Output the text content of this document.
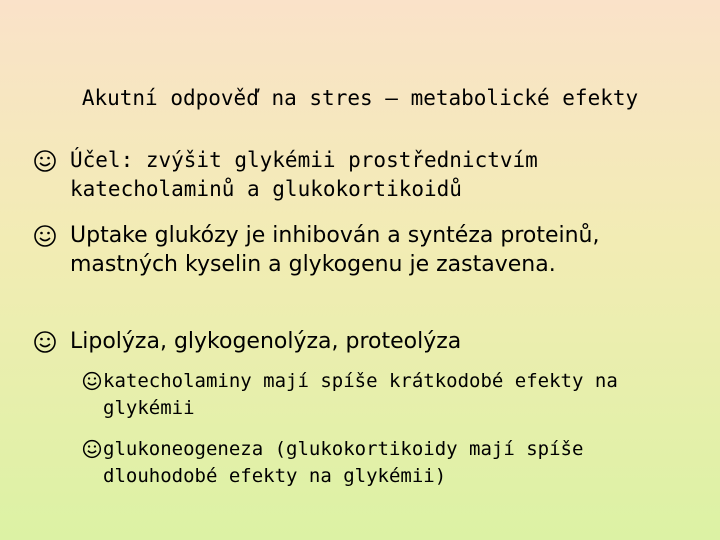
Akutní odpověď na stres – metabolické efekty
Účel: zvýšit glykémii prostřednictvím katecholaminů a glukokortikoidů
Uptake glukózy je inhibován a syntéza proteinů, mastných kyselin a glykogenu je zastavena.
Lipolýza, glykogenolýza, proteolýza
katecholaminy mají spíše krátkodobé efekty na glykémii
glukoneogeneza (glukokortikoidy mají spíše dlouhodobé efekty na glykémii)
